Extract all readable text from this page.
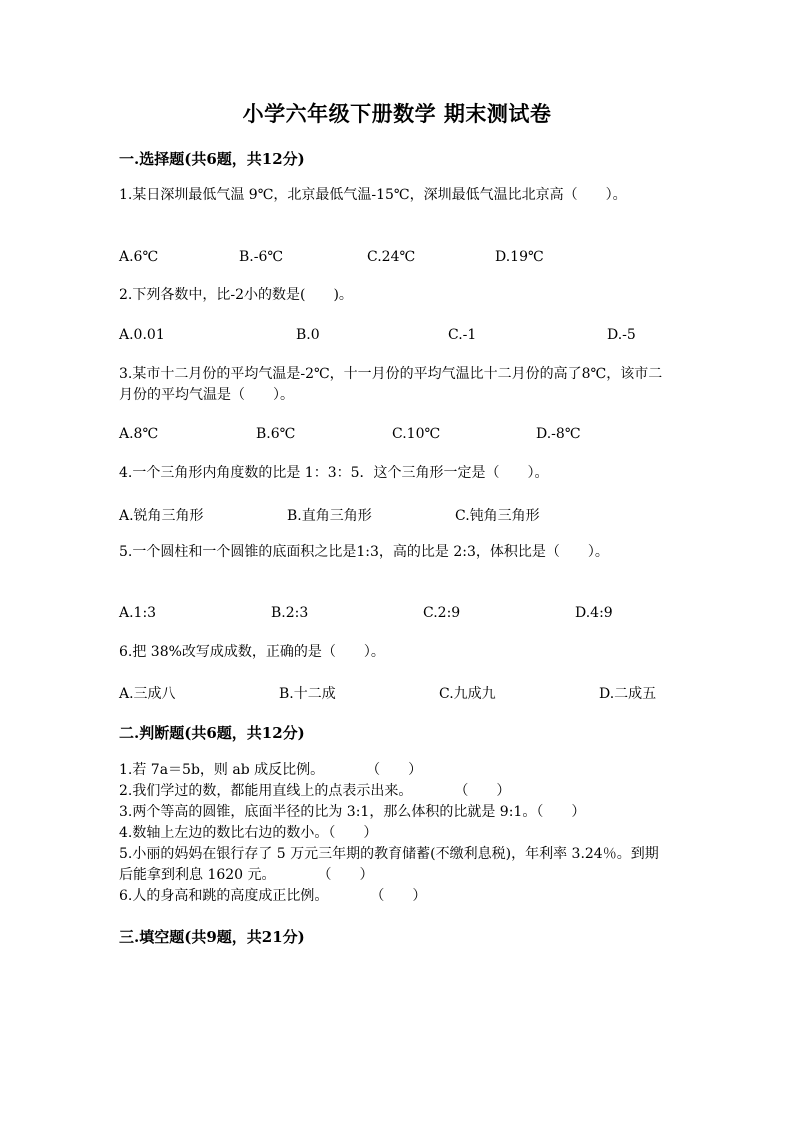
小学六年级下册数学 期末测试卷
一.选择题(共6题，共12分)
1.某日深圳最低气温 9℃，北京最低气温-15℃，深圳最低气温比北京高（　　）。
A.6℃	B.-6℃	C.24℃	D.19℃
2.下列各数中，比-2小的数是(　　)。
A.0.01	B.0	C.-1	D.-5
3.某市十二月份的平均气温是-2℃，十一月份的平均气温比十二月份的高了8℃，该市二月份的平均气温是（　　）。
A.8℃	B.6℃	C.10℃	D.-8℃
4.一个三角形内角度数的比是 1：3：5．这个三角形一定是（　　）。
A.锐角三角形	B.直角三角形	C.钝角三角形
5.一个圆柱和一个圆锥的底面积之比是1:3，高的比是 2:3，体积比是（　　）。
A.1:3	B.2:3	C.2:9	D.4:9
6.把 38%改写成成数，正确的是（　　）。
A.三成八	B.十二成	C.九成九	D.二成五
二.判断题(共6题，共12分)
1.若 7a＝5b，则 ab 成反比例。　　　　（　　）
2.我们学过的数，都能用直线上的点表示出来。　　　　（　　）
3.两个等高的圆锥，底面半径的比为 3:1，那么体积的比就是 9:1。（　　）
4.数轴上左边的数比右边的数小。（　　）
5.小丽的妈妈在银行存了 5 万元三年期的教育储蓄(不缴利息税)，年利率 3.24％。到期后能拿到利息 1620 元。　　　　（　　）
6.人的身高和跳的高度成正比例。　　　　（　　）
三.填空题(共9题，共21分)
